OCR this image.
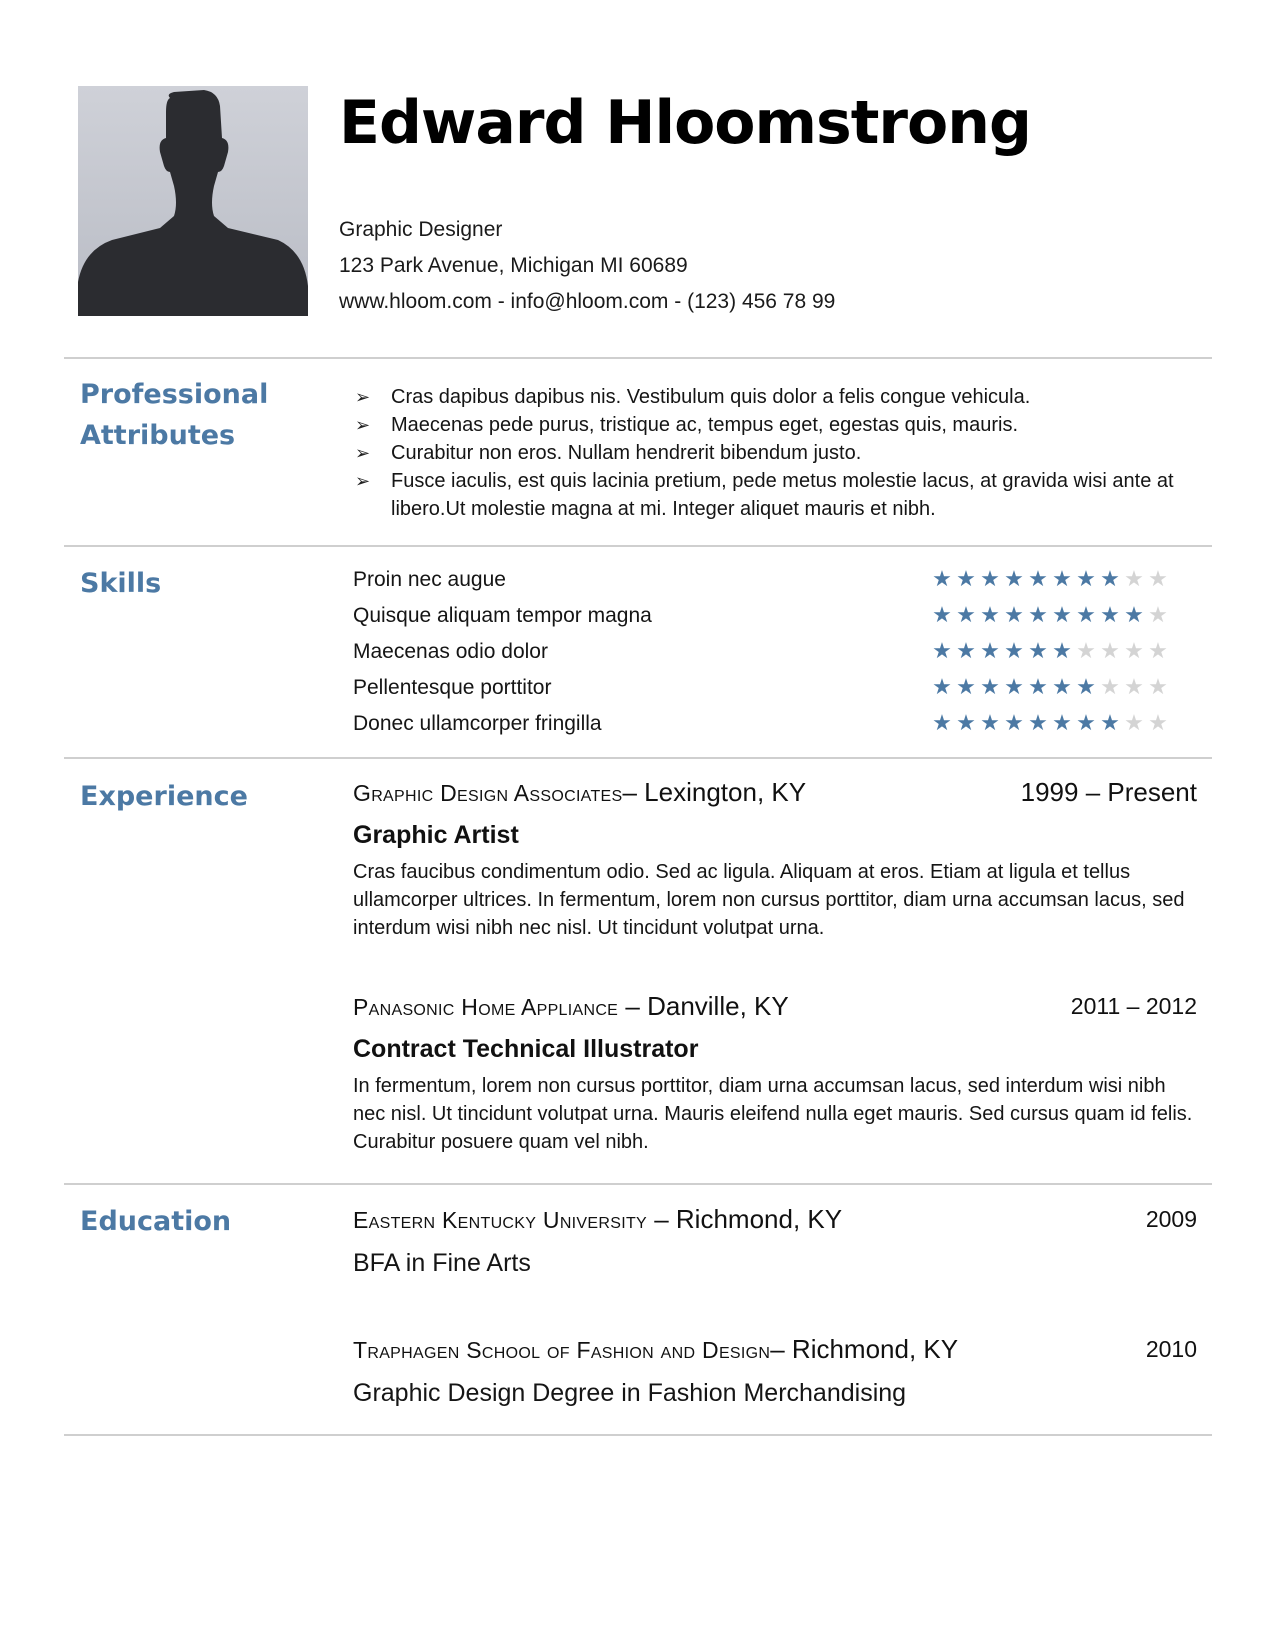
Edward Hloomstrong
Graphic Designer
123 Park Avenue, Michigan MI 60689
www.hloom.com - info@hloom.com - (123) 456 78 99
Professional
Attributes
➢ Cras dapibus dapibus nis. Vestibulum quis dolor a felis congue vehicula.
➢ Maecenas pede purus, tristique ac, tempus eget, egestas quis, mauris.
➢ Curabitur non eros. Nullam hendrerit bibendum justo.
➢ Fusce iaculis, est quis lacinia pretium, pede metus molestie lacus, at gravida wisi ante at libero.Ut molestie magna at mi. Integer aliquet mauris et nibh.
Skills	Proin nec augue	★ ★ ★ ★ ★ ★ ★ ★ ★ ★
Quisque aliquam tempor magna	★ ★ ★ ★ ★ ★ ★ ★ ★ ★
Maecenas odio dolor	★ ★ ★ ★ ★ ★ ★ ★ ★ ★
Pellentesque porttitor	★ ★ ★ ★ ★ ★ ★ ★ ★ ★
Donec ullamcorper fringilla	★ ★ ★ ★ ★ ★ ★ ★ ★ ★
Experience	Graphic Design Associates– Lexington, KY	1999 – Present
Graphic Artist
Cras faucibus condimentum odio. Sed ac ligula. Aliquam at eros. Etiam at ligula et tellus ullamcorper ultrices. In fermentum, lorem non cursus porttitor, diam urna accumsan lacus, sed interdum wisi nibh nec nisl. Ut tincidunt volutpat urna.
Panasonic Home Appliance – Danville, KY	2011 – 2012
Contract Technical Illustrator
In fermentum, lorem non cursus porttitor, diam urna accumsan lacus, sed interdum wisi nibh nec nisl. Ut tincidunt volutpat urna. Mauris eleifend nulla eget mauris. Sed cursus quam id felis. Curabitur posuere quam vel nibh.
Education	Eastern Kentucky University – Richmond, KY	2009
BFA in Fine Arts
Traphagen School of Fashion and Design– Richmond, KY	2010
Graphic Design Degree in Fashion Merchandising
